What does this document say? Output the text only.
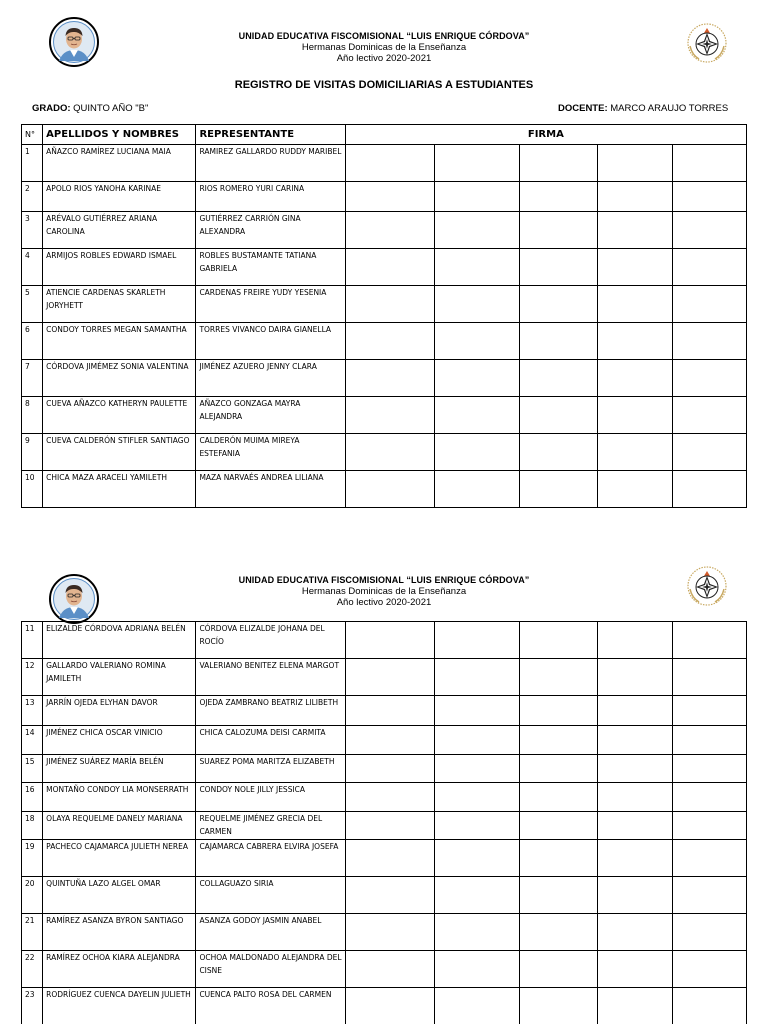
UNIDAD EDUCATIVA FISCOMISIONAL “LUIS ENRIQUE CÓRDOVA”
Hermanas Dominicas de la Enseñanza
Año lectivo 2020-2021
REGISTRO DE VISITAS DOMICILIARIAS A ESTUDIANTES
GRADO: QUINTO AÑO "B"	DOCENTE: MARCO ARAUJO TORRES
N°	APELLIDOS Y NOMBRES	REPRESENTANTE	FIRMA				
1	AÑAZCO RAMÍREZ LUCIANA MAIA	RAMIREZ GALLARDO RUDDY MARIBEL					
2	APOLO RIOS YANOHA KARINAE	RIOS ROMERO YURI CARINA					
3	ARÉVALO GUTIÉRREZ ARIANA CAROLINA	GUTIÉRREZ CARRIÓN GINA ALEXANDRA					
4	ARMIJOS ROBLES EDWARD ISMAEL	ROBLES BUSTAMANTE TATIANA GABRIELA					
5	ATIENCIE CARDENAS SKARLETH JORYHETT	CARDENAS FREIRE YUDY YESENIA					
6	CONDOY TORRES MEGAN SAMANTHA	TORRES VIVANCO DAIRA GIANELLA					
7	CÓRDOVA JIMÉMEZ SONIA VALENTINA	JIMÉNEZ AZUERO JENNY CLARA					
8	CUEVA AÑAZCO KATHERYN PAULETTE	AÑAZCO GONZAGA MAYRA ALEJANDRA					
9	CUEVA CALDERÓN STIFLER SANTIAGO	CALDERÓN MUIMA MIREYA ESTEFANIA					
10	CHICA MAZA ARACELI YAMILETH	MAZA NARVAÉS ANDREA LILIANA					
UNIDAD EDUCATIVA FISCOMISIONAL “LUIS ENRIQUE CÓRDOVA”
Hermanas Dominicas de la Enseñanza
Año lectivo 2020-2021
11	ELIZALDE CÓRDOVA ADRIANA BELÉN	CÓRDOVA ELIZALDE JOHANA DEL ROCÍO					
12	GALLARDO VALERIANO ROMINA JAMILETH	VALERIANO BENITEZ ELENA MARGOT					
13	JARRÍN OJEDA ELYHAN DAVOR	OJEDA ZAMBRANO BEATRIZ LILIBETH					
14	JIMÉNEZ CHICA OSCAR VINICIO	CHICA CALOZUMA DEISI CARMITA					
15	JIMÉNEZ SUÁREZ MARÍA BELÉN	SUAREZ POMA MARITZA ELIZABETH					
16	MONTAÑO CONDOY LIA MONSERRATH	CONDOY NOLE JILLY JESSICA					
18	OLAYA REQUELME DANELY MARIANA	REQUELME JIMÉNEZ GRECIA DEL CARMEN					
19	PACHECO CAJAMARCA JULIETH NEREA	CAJAMARCA CABRERA ELVIRA JOSEFA					
20	QUINTUÑA LAZO ALGEL OMAR	COLLAGUAZO SIRIA					
21	RAMÍREZ ASANZA BYRON SANTIAGO	ASANZA GODOY JASMIN ANABEL					
22	RAMÍREZ OCHOA KIARA ALEJANDRA	OCHOA MALDONADO ALEJANDRA DEL CISNE					
23	RODRÍGUEZ CUENCA DAYELIN JULIETH	CUENCA PALTO ROSA DEL CARMEN					
